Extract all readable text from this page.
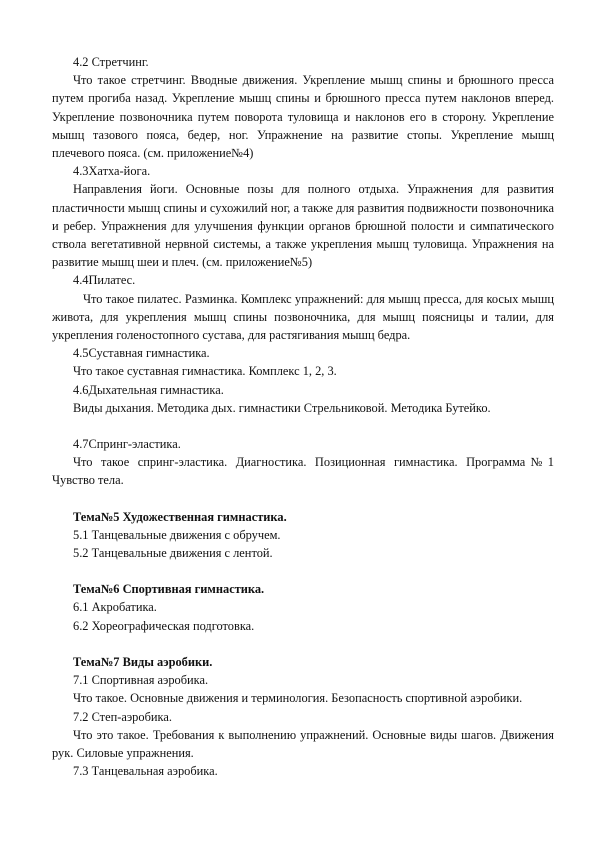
4.2 Стретчинг.

Что такое стретчинг. Вводные движения. Укрепление мышц спины и брюшного пресса путем прогиба назад. Укрепление мышц спины и брюшного пресса путем наклонов вперед. Укрепление позвоночника путем поворота туловища и наклонов его в сторону. Укрепление мышц тазового пояса, бедер, ног. Упражнение на развитие стопы. Укрепление мышц плечевого пояса. (см. приложение№4)

4.3Хатха-йога.

Направления йоги. Основные позы для полного отдыха. Упражнения для развития пластичности мышц спины и сухожилий ног, а также для развития подвижности позвоночника и ребер. Упражнения для улучшения функции органов брюшной полости и симпатического ствола вегетативной нервной системы, а также укрепления мышц туловища. Упражнения на развитие мышц шеи и плеч. (см. приложение№5)

4.4Пилатес.

Что такое пилатес. Разминка. Комплекс упражнений: для мышц пресса, для косых мышц живота, для укрепления мышц спины позвоночника, для мышц поясницы и талии, для укрепления голеностопного сустава, для растягивания мышц бедра.

4.5Суставная гимнастика.

Что такое суставная гимнастика. Комплекс 1, 2, 3.

4.6Дыхательная гимнастика.

Виды дыхания. Методика дых. гимнастики Стрельниковой. Методика Бутейко.

4.7Спринг-эластика.

Что такое спринг-эластика. Диагностика. Позиционная гимнастика. Программа№1 Чувство тела.

Тема№5 Художественная гимнастика.

5.1 Танцевальные движения с обручем.

5.2 Танцевальные движения с лентой.

Тема№6 Спортивная гимнастика.

6.1 Акробатика.

6.2 Хореографическая подготовка.

Тема№7 Виды аэробики.

7.1 Спортивная аэробика.

Что такое. Основные движения и терминология. Безопасность спортивной аэробики.

7.2 Степ-аэробика.

Что это такое. Требования к выполнению упражнений. Основные виды шагов. Движения рук. Силовые упражнения.

7.3 Танцевальная аэробика.
